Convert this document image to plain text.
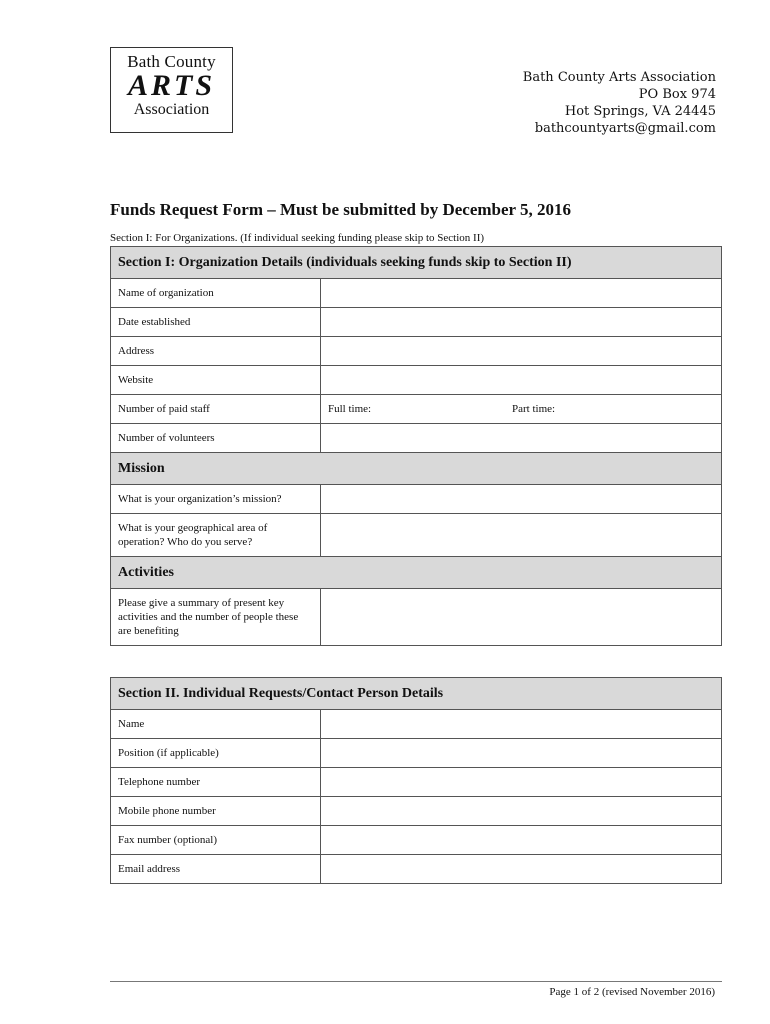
Bath County
ARTS
Association
Bath County Arts Association
PO Box 974
Hot Springs, VA 24445
bathcountyarts@gmail.com
Funds Request Form – Must be submitted by December 5, 2016
Section I: For Organizations. (If individual seeking funding please skip to Section II)
Section I: Organization Details (individuals seeking funds skip to Section II)	
Name of organization	
Date established	
Address	
Website	
Number of paid staff	Full time: Part time:

Number of volunteers	
Mission	
What is your organization’s mission?	
What is your geographical area of operation? Who do you serve?	
Activities	
Please give a summary of present key activities and the number of people these are benefiting	
Section II. Individual Requests/Contact Person Details	
Name	
Position (if applicable)	
Telephone number	
Mobile phone number	
Fax number (optional)	
Email address	
Page 1 of 2 (revised November 2016)
